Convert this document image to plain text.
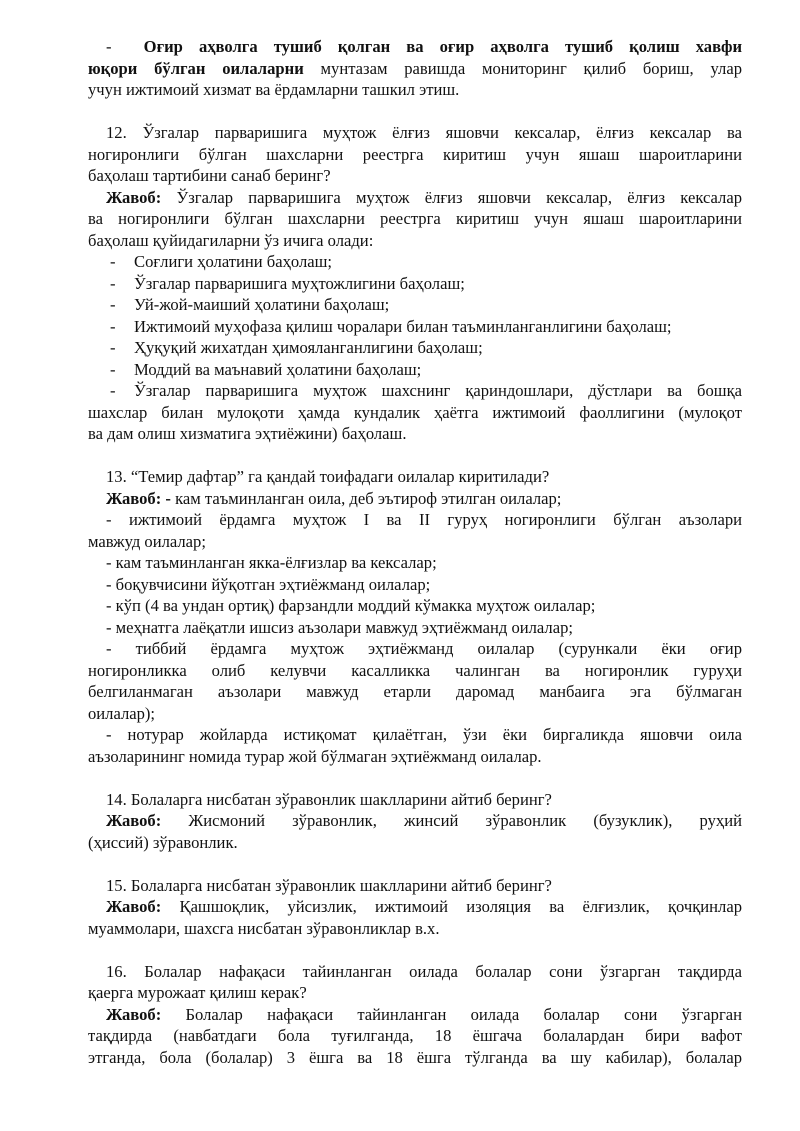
- Оғир аҳволга тушиб қолган ва оғир аҳволга тушиб қолиш хавфи

юқори бўлган оилаларни мунтазам равишда мониторинг қилиб бориш, улар

учун ижтимоий хизмат ва ёрдамларни ташкил этиш.

12. Ўзгалар парваришига муҳтож ёлғиз яшовчи кексалар, ёлғиз кексалар ва

ногиронлиги бўлган шахсларни реестрга киритиш учун яшаш шароитларини

баҳолаш тартибини санаб беринг?

Жавоб: Ўзгалар парваришига муҳтож ёлғиз яшовчи кексалар, ёлғиз кексалар

ва ногиронлиги бўлган шахсларни реестрга киритиш учун яшаш шароитларини

баҳолаш қуйидагиларни ўз ичига олади:

-	Соғлиги ҳолатини баҳолаш;
-	Ўзгалар парваришига муҳтожлигини баҳолаш;
-	Уй-жой-маиший ҳолатини баҳолаш;
-	Ижтимоий муҳофаза қилиш чоралари билан таъминланганлигини баҳолаш;
-	Ҳуқуқий жихатдан ҳимояланганлигини баҳолаш;
-	Моддий ва маънавий ҳолатини баҳолаш;
-	Ўзгалар парваришига муҳтож шахснинг қариндошлари, дўстлари ва бошқа

шахслар билан мулоқоти ҳамда кундалик ҳаётга ижтимоий фаоллигини (мулоқот

ва дам олиш хизматига эҳтиёжини) баҳолаш.

13. “Темир дафтар” га қандай тоифадаги оилалар киритилади?

Жавоб: - кам таъминланган оила, деб эътироф этилган оилалар;

- ижтимоий ёрдамга муҳтож I ва II гуруҳ ногиронлиги бўлган аъзолари

мавжуд оилалар;

- кам таъминланган якка-ёлғизлар ва кексалар;

- боқувчисини йўқотган эҳтиёжманд оилалар;

- кўп (4 ва ундан ортиқ) фарзандли моддий кўмакка муҳтож оилалар;

- меҳнатга лаёқатли ишсиз аъзолари мавжуд эҳтиёжманд оилалар;

- тиббий ёрдамга муҳтож эҳтиёжманд оилалар (сурункали ёки оғир

ногиронликка олиб келувчи касалликка чалинган ва ногиронлик гуруҳи

белгиланмаган аъзолари мавжуд етарли даромад манбаига эга бўлмаган

оилалар);

- нотурар жойларда истиқомат қилаётган, ўзи ёки биргаликда яшовчи оила

аъзоларининг номида турар жой бўлмаган эҳтиёжманд оилалар.

14. Болаларга нисбатан зўравонлик шаклларини айтиб беринг?

Жавоб: Жисмоний зўравонлик, жинсий зўравонлик (бузуклик), руҳий

(ҳиссий) зўравонлик.

15. Болаларга нисбатан зўравонлик шаклларини айтиб беринг?

Жавоб: Қашшоқлик, уйсизлик, ижтимоий изоляция ва ёлғизлик, қочқинлар

муаммолари, шахсга нисбатан зўравонликлар в.х.

16. Болалар нафақаси тайинланган оилада болалар сони ўзгарган тақдирда

қаерга мурожаат қилиш керак?

Жавоб: Болалар нафақаси тайинланган оилада болалар сони ўзгарган

тақдирда (навбатдаги бола туғилганда, 18 ёшгача болалардан бири вафот

этганда, бола (болалар) 3 ёшга ва 18 ёшга тўлганда ва шу кабилар), болалар
